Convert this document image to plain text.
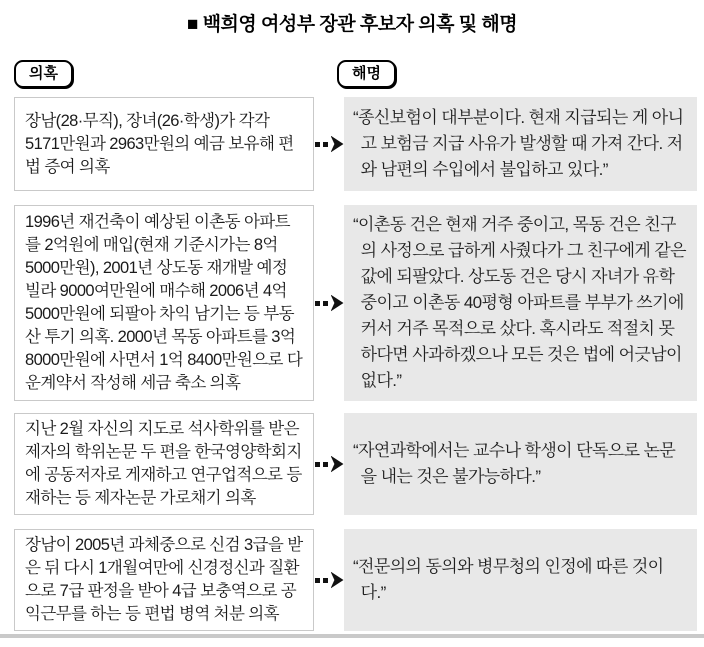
■ 백희영 여성부 장관 후보자 의혹 및 해명
의혹	해명

장남(28·무직), 장녀(26·학생)가 각각 5171만원과 2963만원의 예금 보유해 편법 증여 의혹

“종신보험이 대부분이다. 현재 지급되는 게 아니고 보험금 지급 사유가 발생할 때 가져 간다. 저와 남편의 수입에서 불입하고 있다.”

1996년 재건축이 예상된 이촌동 아파트를 2억원에 매입(현재 기준시가는 8억 5000만원), 2001년 상도동 재개발 예정 빌라 9000여만원에 매수해 2006년 4억 5000만원에 되팔아 차익 남기는 등 부동산 투기 의혹. 2000년 목동 아파트를 3억 8000만원에 사면서 1억 8400만원으로 다운계약서 작성해 세금 축소 의혹

“이촌동 건은 현재 거주 중이고, 목동 건은 친구의 사정으로 급하게 사줬다가 그 친구에게 같은 값에 되팔았다. 상도동 건은 당시 자녀가 유학 중이고 이촌동 40평형 아파트를 부부가 쓰기에 커서 거주 목적으로 샀다. 혹시라도 적절치 못하다면 사과하겠으나 모든 것은 법에 어긋남이 없다.”

지난 2월 자신의 지도로 석사학위를 받은 제자의 학위논문 두 편을 한국영양학회지에 공동저자로 게재하고 연구업적으로 등재하는 등 제자논문 가로채기 의혹

“자연과학에서는 교수나 학생이 단독으로 논문을 내는 것은 불가능하다.”

장남이 2005년 과체중으로 신검 3급을 받은 뒤 다시 1개월여만에 신경정신과 질환으로 7급 판정을 받아 4급 보충역으로 공익근무를 하는 등 편법 병역 처분 의혹

“전문의의 동의와 병무청의 인정에 따른 것이다.”
